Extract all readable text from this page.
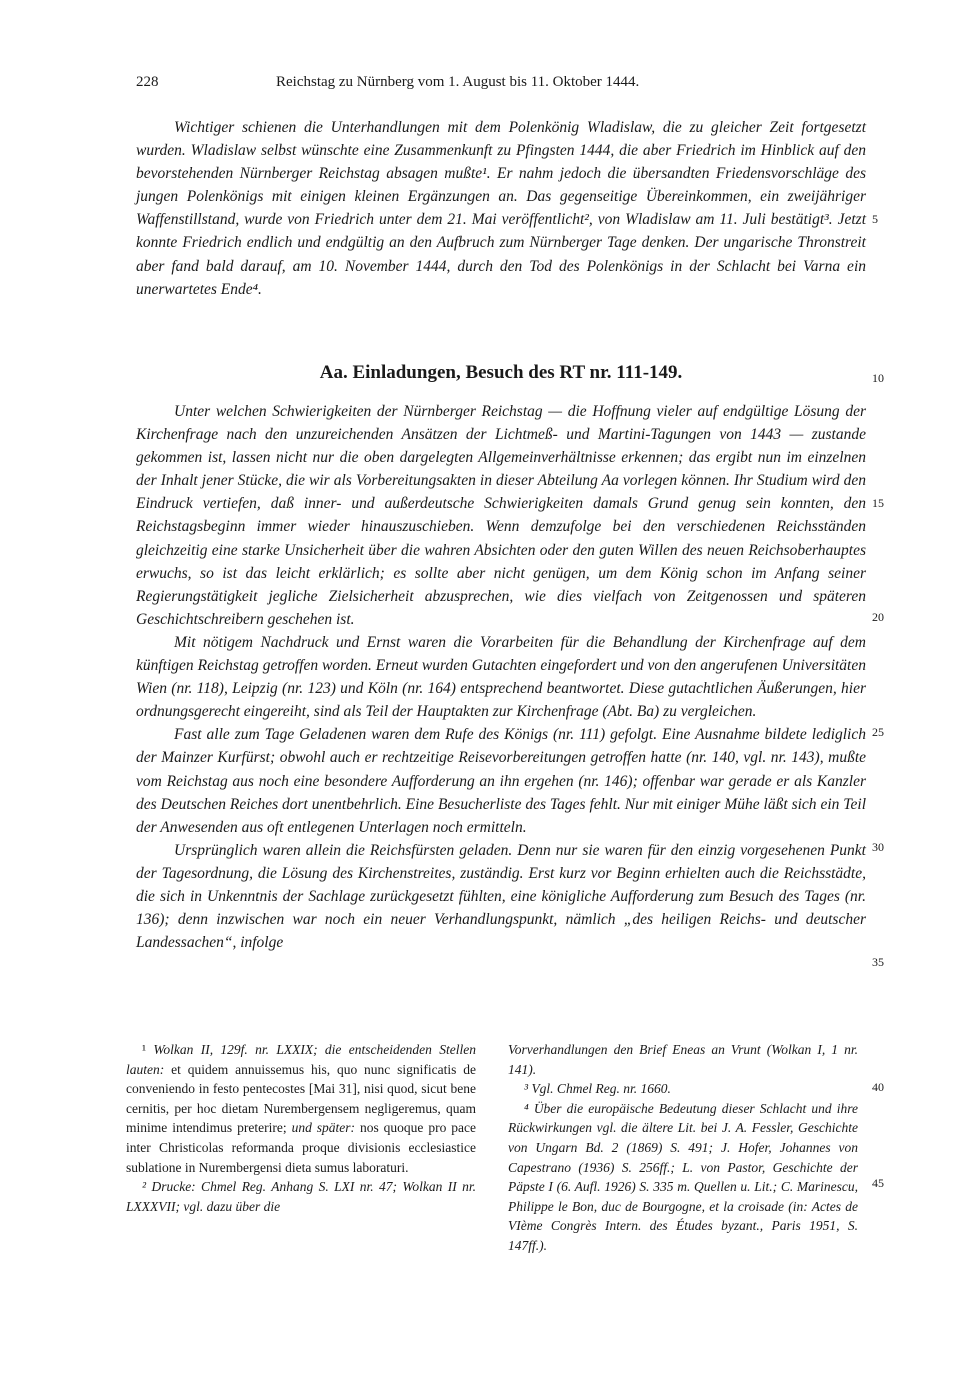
228	Reichstag zu Nürnberg vom 1. August bis 11. Oktober 1444.

Wichtiger schienen die Unterhandlungen mit dem Polenkönig Wladislaw, die zu gleicher Zeit fortgesetzt wurden. Wladislaw selbst wünschte eine Zusammenkunft zu Pfingsten 1444, die aber Friedrich im Hinblick auf den bevorstehenden Nürnberger Reichstag absagen mußte¹. Er nahm jedoch die übersandten Friedensvorschläge des jungen Polenkönigs mit einigen kleinen Ergänzungen an. Das gegenseitige Übereinkommen, ein zweijähriger Waffenstillstand, wurde von Friedrich unter dem 21. Mai veröffentlicht², von Wladislaw am 11. Juli bestätigt³. Jetzt konnte Friedrich endlich und endgültig an den Aufbruch zum Nürnberger Tage denken. Der ungarische Thronstreit aber fand bald darauf, am 10. November 1444, durch den Tod des Polenkönigs in der Schlacht bei Varna ein unerwartetes Ende⁴.

Aa. Einladungen, Besuch des RT nr. 111-149.

Unter welchen Schwierigkeiten der Nürnberger Reichstag — die Hoffnung vieler auf endgültige Lösung der Kirchenfrage nach den unzureichenden Ansätzen der Lichtmeß- und Martini-Tagungen von 1443 — zustande gekommen ist, lassen nicht nur die oben dargelegten Allgemeinverhältnisse erkennen; das ergibt nun im einzelnen der Inhalt jener Stücke, die wir als Vorbereitungsakten in dieser Abteilung Aa vorlegen können. Ihr Studium wird den Eindruck vertiefen, daß inner- und außerdeutsche Schwierigkeiten damals Grund genug sein konnten, den Reichstagsbeginn immer wieder hinauszuschieben. Wenn demzufolge bei den verschiedenen Reichsständen gleichzeitig eine starke Unsicherheit über die wahren Absichten oder den guten Willen des neuen Reichsoberhauptes erwuchs, so ist das leicht erklärlich; es sollte aber nicht genügen, um dem König schon im Anfang seiner Regierungstätigkeit jegliche Zielsicherheit abzusprechen, wie dies vielfach von Zeitgenossen und späteren Geschichtschreibern geschehen ist.

Mit nötigem Nachdruck und Ernst waren die Vorarbeiten für die Behandlung der Kirchenfrage auf dem künftigen Reichstag getroffen worden. Erneut wurden Gutachten eingefordert und von den angerufenen Universitäten Wien (nr. 118), Leipzig (nr. 123) und Köln (nr. 164) entsprechend beantwortet. Diese gutachtlichen Äußerungen, hier ordnungsgerecht eingereiht, sind als Teil der Hauptakten zur Kirchenfrage (Abt. Ba) zu vergleichen.

Fast alle zum Tage Geladenen waren dem Rufe des Königs (nr. 111) gefolgt. Eine Ausnahme bildete lediglich der Mainzer Kurfürst; obwohl auch er rechtzeitige Reisevorbereitungen getroffen hatte (nr. 140, vgl. nr. 143), mußte vom Reichstag aus noch eine besondere Aufforderung an ihn ergehen (nr. 146); offenbar war gerade er als Kanzler des Deutschen Reiches dort unentbehrlich. Eine Besucherliste des Tages fehlt. Nur mit einiger Mühe läßt sich ein Teil der Anwesenden aus oft entlegenen Unterlagen noch ermitteln.

Ursprünglich waren allein die Reichsfürsten geladen. Denn nur sie waren für den einzig vorgesehenen Punkt der Tagesordnung, die Lösung des Kirchenstreites, zuständig. Erst kurz vor Beginn erhielten auch die Reichsstädte, die sich in Unkenntnis der Sachlage zurückgesetzt fühlten, eine königliche Aufforderung zum Besuch des Tages (nr. 136); denn inzwischen war noch ein neuer Verhandlungspunkt, nämlich „des heiligen Reichs- und deutscher Landessachen“, infolge

5
10
15
20
25
30
35
40
45

¹ Wolkan II, 129f. nr. LXXIX; die entscheidenden Stellen lauten: et quidem annuissemus his, quo nunc significatis de conveniendo in festo pentecostes [Mai 31], nisi quod, sicut bene cernitis, per hoc dietam Nurembergensem negligeremus, quam minime intendimus preterire; und später: nos quoque pro pace inter Christicolas reformanda proque divisionis ecclesiastice sublatione in Nurembergensi dieta sumus laboraturi.

² Drucke: Chmel Reg. Anhang S. LXI nr. 47; Wolkan II nr. LXXXVII; vgl. dazu über die

Vorverhandlungen den Brief Eneas an Vrunt (Wolkan I, 1 nr. 141).

³ Vgl. Chmel Reg. nr. 1660.

⁴ Über die europäische Bedeutung dieser Schlacht und ihre Rückwirkungen vgl. die ältere Lit. bei J. A. Fessler, Geschichte von Ungarn Bd. 2 (1869) S. 491; J. Hofer, Johannes von Capestrano (1936) S. 256ff.; L. von Pastor, Geschichte der Päpste I (6. Aufl. 1926) S. 335 m. Quellen u. Lit.; C. Marinescu, Philippe le Bon, duc de Bourgogne, et la croisade (in: Actes de VIème Congrès Intern. des Études byzant., Paris 1951, S. 147ff.).
